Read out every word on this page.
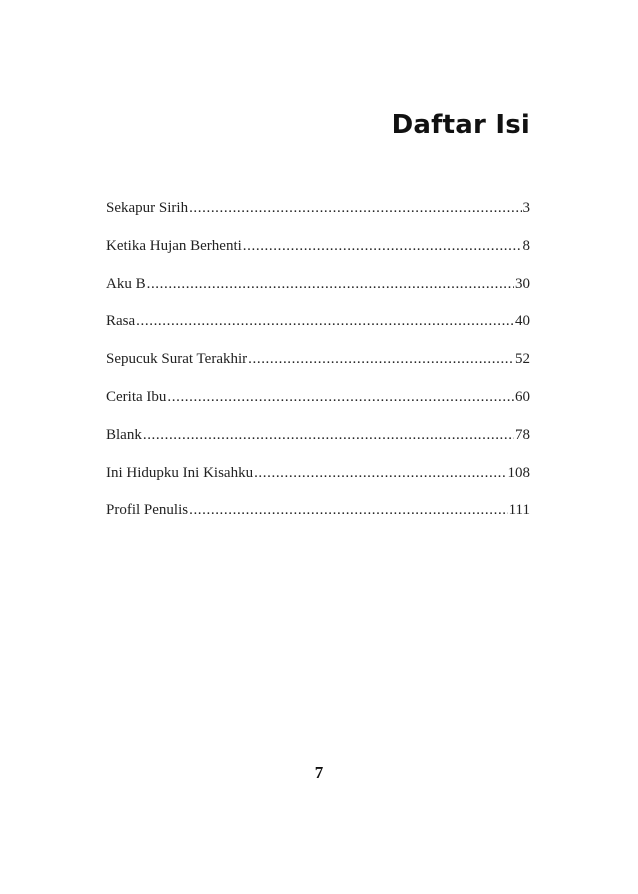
Daftar Isi
Sekapur Sirih .....	3
Ketika Hujan Berhenti .....	8
Aku B .....	30
Rasa .....	40
Sepucuk Surat Terakhir .....	52
Cerita Ibu .....	60
Blank .....	78
Ini Hidupku Ini Kisahku .....	108
Profil Penulis .....	111
7
